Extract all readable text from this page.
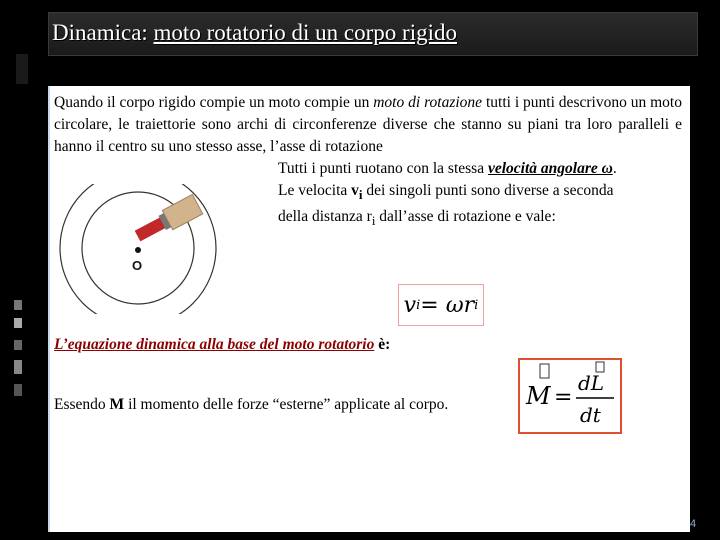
Dinamica: moto rotatorio di un corpo rigido
Quando il corpo rigido compie un moto compie un moto di rotazione tutti i punti descrivono un moto circolare, le traiettorie sono archi di circonferenze diverse che stanno su piani tra loro paralleli e hanno il centro su uno stesso asse, l’asse di rotazione
Tutti i punti ruotano con la stessa velocità angolare ω.
Le velocita $v_i$ dei singoli punti sono diverse a seconda
della distanza $r_i$ dall’asse di rotazione e vale:
O
v i = ω r i
L’equazione dinamica alla base del moto rotatorio è:
Essendo M il momento delle forze “esterne” applicate al corpo.	M =
dL
dt
4
